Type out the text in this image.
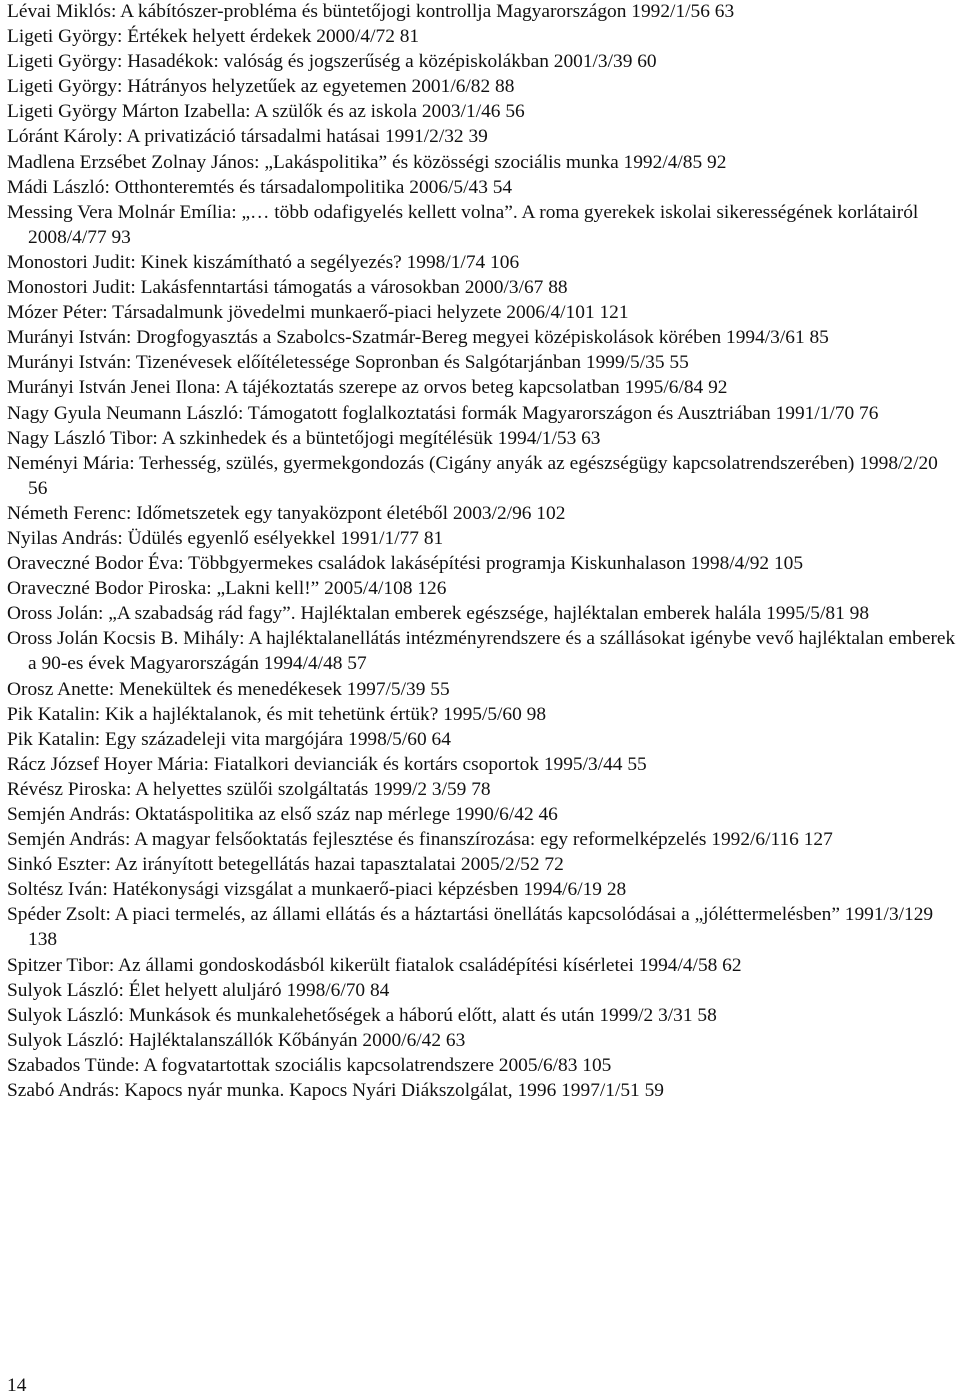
Lévai Miklós: A kábítószer-probléma és büntetőjogi kontrollja Magyarországon 1992/1/56 63

Ligeti György: Értékek helyett érdekek 2000/4/72 81

Ligeti György: Hasadékok: valóság és jogszerűség a középiskolákban 2001/3/39 60

Ligeti György: Hátrányos helyzetűek az egyetemen 2001/6/82 88

Ligeti György Márton Izabella: A szülők és az iskola 2003/1/46 56

Lóránt Károly: A privatizáció társadalmi hatásai 1991/2/32 39

Madlena Erzsébet Zolnay János: „Lakáspolitika” és közösségi szociális munka 1992/4/85 92

Mádi László: Otthonteremtés és társadalompolitika 2006/5/43 54

Messing Vera Molnár Emília: „… több odafigyelés kellett volna”. A roma gyerekek iskolai sikerességének korlátairól 2008/4/77 93

Monostori Judit: Kinek kiszámítható a segélyezés? 1998/1/74 106

Monostori Judit: Lakásfenntartási támogatás a városokban 2000/3/67 88

Mózer Péter: Társadalmunk jövedelmi munkaerő-piaci helyzete 2006/4/101 121

Murányi István: Drogfogyasztás a Szabolcs-Szatmár-Bereg megyei középiskolások körében 1994/3/61 85

Murányi István: Tizenévesek előítéletessége Sopronban és Salgótarjánban 1999/5/35 55

Murányi István Jenei Ilona: A tájékoztatás szerepe az orvos beteg kapcsolatban 1995/6/84 92

Nagy Gyula Neumann László: Támogatott foglalkoztatási formák Magyarországon és Ausztriában 1991/1/70 76

Nagy László Tibor: A szkinhedek és a büntetőjogi megítélésük 1994/1/53 63

Neményi Mária: Terhesség, szülés, gyermekgondozás (Cigány anyák az egészségügy kapcsolatrendszerében) 1998/2/20 56

Németh Ferenc: Időmetszetek egy tanyaközpont életéből 2003/2/96 102

Nyilas András: Üdülés egyenlő esélyekkel 1991/1/77 81

Oraveczné Bodor Éva: Többgyermekes családok lakásépítési programja Kiskunhalason 1998/4/92 105

Oraveczné Bodor Piroska: „Lakni kell!” 2005/4/108 126

Oross Jolán: „A szabadság rád fagy”. Hajléktalan emberek egészsége, hajléktalan emberek halála 1995/5/81 98

Oross Jolán Kocsis B. Mihály: A hajléktalanellátás intézményrendszere és a szállásokat igénybe vevő hajléktalan emberek a 90-es évek Magyarországán 1994/4/48 57

Orosz Anette: Menekültek és menedékesek 1997/5/39 55

Pik Katalin: Kik a hajléktalanok, és mit tehetünk értük? 1995/5/60 98

Pik Katalin: Egy századeleji vita margójára 1998/5/60 64

Rácz József Hoyer Mária: Fiatalkori devianciák és kortárs csoportok 1995/3/44 55

Révész Piroska: A helyettes szülői szolgáltatás 1999/2 3/59 78

Semjén András: Oktatáspolitika az első száz nap mérlege 1990/6/42 46

Semjén András: A magyar felsőoktatás fejlesztése és finanszírozása: egy reformelképzelés 1992/6/116 127

Sinkó Eszter: Az irányított betegellátás hazai tapasztalatai 2005/2/52 72

Soltész Iván: Hatékonysági vizsgálat a munkaerő-piaci képzésben 1994/6/19 28

Spéder Zsolt: A piaci termelés, az állami ellátás és a háztartási önellátás kapcsolódásai a „jóléttermelésben” 1991/3/129 138

Spitzer Tibor: Az állami gondoskodásból kikerült fiatalok családépítési kísérletei 1994/4/58 62

Sulyok László: Élet helyett aluljáró 1998/6/70 84

Sulyok László: Munkások és munkalehetőségek a háború előtt, alatt és után 1999/2 3/31 58

Sulyok László: Hajléktalanszállók Kőbányán 2000/6/42 63

Szabados Tünde: A fogvatartottak szociális kapcsolatrendszere 2005/6/83 105

Szabó András: Kapocs nyár munka. Kapocs Nyári Diákszolgálat, 1996 1997/1/51 59

14
